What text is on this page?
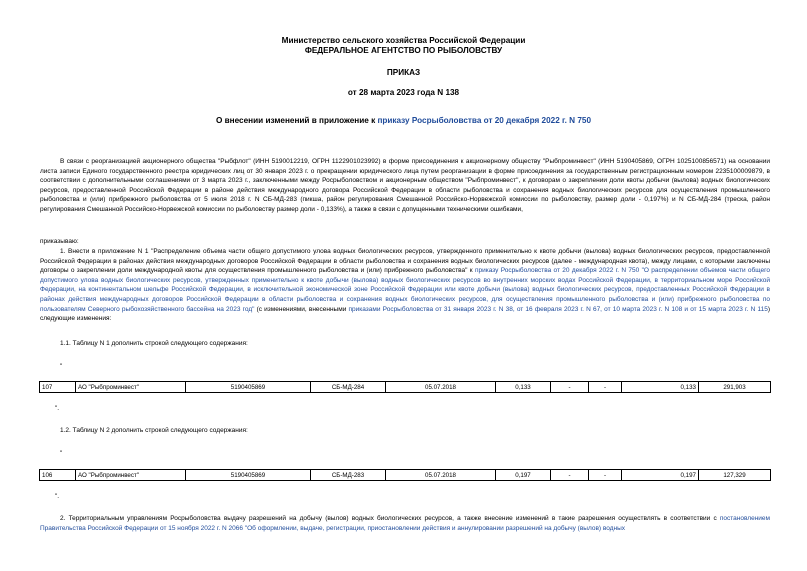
Министерство сельского хозяйства Российской Федерации
ФЕДЕРАЛЬНОЕ АГЕНТСТВО ПО РЫБОЛОВСТВУ
ПРИКАЗ
от 28 марта 2023 года N 138
О внесении изменений в приложение к приказу Росрыболовства от 20 декабря 2022 г. N 750

В связи с реорганизацией акционерного общества "Рыбфлот" (ИНН 5190012219, ОГРН 1122901023992) в форме присоединения к акционерному обществу "Рыбпроминвест" (ИНН 5190405869, ОГРН 1025100856571) на основании листа записи Единого государственного реестра юридических лиц от 30 января 2023 г. о прекращении юридического лица путем реорганизации в форме присоединения за государственным регистрационным номером 2235100009879, в соответствии с дополнительными соглашениями от 3 марта 2023 г., заключенными между Росрыболовством и акционерным обществом "Рыбпроминвест", к договорам о закреплении доли квоты добычи (вылова) водных биологических ресурсов, предоставленной Российской Федерации в районе действия международного договора Российской Федерации в области рыболовства и сохранения водных биологических ресурсов для осуществления промышленного рыболовства и (или) прибрежного рыболовства от 5 июля 2018 г. N СБ-МД-283 (пикша, район регулирования Смешанной Российско-Норвежской комиссии по рыболовству, размер доли - 0,197%) и N СБ-МД-284 (треска, район регулирования Смешанной Российско-Норвежской комиссии по рыболовству размер доли - 0,133%), а также в связи с допущенными техническими ошибками,

приказываю:

1. Внести в приложение N 1 "Распределение объема части общего допустимого улова водных биологических ресурсов, утвержденного применительно к квоте добычи (вылова) водных биологических ресурсов, предоставленной Российской Федерации в районах действия международных договоров Российской Федерации в области рыболовства и сохранения водных биологических ресурсов (далее - международная квота), между лицами, с которыми заключены договоры о закреплении доли международной квоты для осуществления промышленного рыболовства и (или) прибрежного рыболовства" к приказу Росрыболовства от 20 декабря 2022 г. N 750 "О распределении объемов части общего допустимого улова водных биологических ресурсов, утвержденных применительно к квоте добычи (вылова) водных биологических ресурсов во внутренних морских водах Российской Федерации, в территориальном море Российской Федерации, на континентальном шельфе Российской Федерации, в исключительной экономической зоне Российской Федерации или квоте добычи (вылова) водных биологических ресурсов, предоставленных Российской Федерации в районах действия международных договоров Российской Федерации в области рыболовства и сохранения водных биологических ресурсов, для осуществления промышленного рыболовства и (или) прибрежного рыболовства по пользователям Северного рыбохозяйственного бассейна на 2023 год" (с изменениями, внесенными приказами Росрыболовства от 31 января 2023 г. N 38, от 16 февраля 2023 г. N 67, от 10 марта 2023 г. N 108 и от 15 марта 2023 г. N 115) следующие изменения:

1.1. Таблицу N 1 дополнить строкой следующего содержания:
"
107	АО "Рыбпроминвест"	5190405869	СБ-МД-284	05.07.2018	0,133	-	-	0,133	291,903
".
1.2. Таблицу N 2 дополнить строкой следующего содержания:
"
106	АО "Рыбпроминвест"	5190405869	СБ-МД-283	05.07.2018	0,197	-	-	0,197	127,329
".

2. Территориальным управлениям Росрыболовства выдачу разрешений на добычу (вылов) водных биологических ресурсов, а также внесение изменений в такие разрешения осуществлять в соответствии с постановлением Правительства Российской Федерации от 15 ноября 2022 г. N 2066 "Об оформлении, выдаче, регистрации, приостановлении действия и аннулировании разрешений на добычу (вылов) водных
